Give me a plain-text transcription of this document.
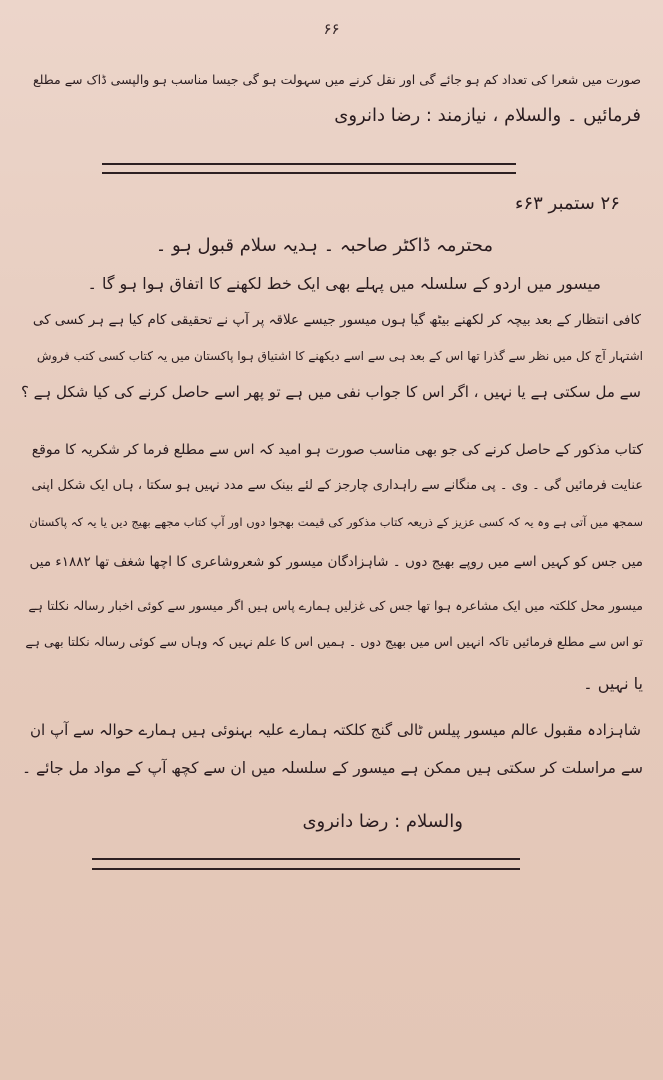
۶۶
صورت میں شعرا کی تعداد کم ہو جائے گی اور نقل کرنے میں سہولت ہو گی جیسا مناسب ہو والپسی ڈاک سے مطلع
فرمائیں ۔ والسلام ، نیازمند : رضا دانروی
۲۶ ستمبر ۶۳ء
محترمہ ڈاکٹر صاحبہ ۔ ہدیہ سلام قبول ہو ۔
میسور میں اردو کے سلسلہ میں پہلے بھی ایک خط لکھنے کا اتفاق ہوا ہو گا ۔
کافی انتظار کے بعد بیچہ کر لکھنے بیٹھ گیا ہوں میسور جیسے علاقہ پر آپ نے تحقیقی کام کیا ہے ہر کسی کی
اشتہار آج کل میں نظر سے گذرا تھا اس کے بعد ہی سے اسے دیکھنے کا اشتیاق ہوا پاکستان میں یہ کتاب کسی کتب فروش
سے مل سکتی ہے یا نہیں ، اگر اس کا جواب نفی میں ہے تو پھر اسے حاصل کرنے کی کیا شکل ہے ؟
کتاب مذکور کے حاصل کرنے کی جو بھی مناسب صورت ہو امید کہ اس سے مطلع فرما کر شکریہ کا موقع
عنایت فرمائیں گی ۔ وی ۔ پی منگانے سے راہداری چارجز کے لئے بینک سے مدد نہیں ہو سکتا ، ہاں ایک شکل اپنی
سمجھ میں آتی ہے وہ یہ کہ کسی عزیز کے ذریعہ کتاب مذکور کی قیمت بھجوا دوں اور آپ کتاب مجھے بھیج دیں یا یہ کہ پاکستان
میں جس کو کہیں اسے میں روپے بھیج دوں ۔ شاہزادگان میسور کو شعروشاعری کا اچھا شغف تھا ۱۸۸۲ء میں
میسور محل کلکتہ میں ایک مشاعرہ ہوا تھا جس کی غزلیں ہمارے پاس ہیں اگر میسور سے کوئی اخبار رسالہ نکلتا ہے
تو اس سے مطلع فرمائیں تاکہ انہیں اس میں بھیج دوں ۔ ہمیں اس کا علم نہیں کہ وہاں سے کوئی رسالہ نکلتا بھی ہے
یا نہیں ۔
شاہزادہ مقبول عالم میسور پیلس ٹالی گنج کلکتہ ہمارے علیہ بہنوئی ہیں ہمارے حوالہ سے آپ ان
سے مراسلت کر سکتی ہیں ممکن ہے میسور کے سلسلہ میں ان سے کچھ آپ کے مواد مل جائے ۔
والسلام : رضا دانروی
